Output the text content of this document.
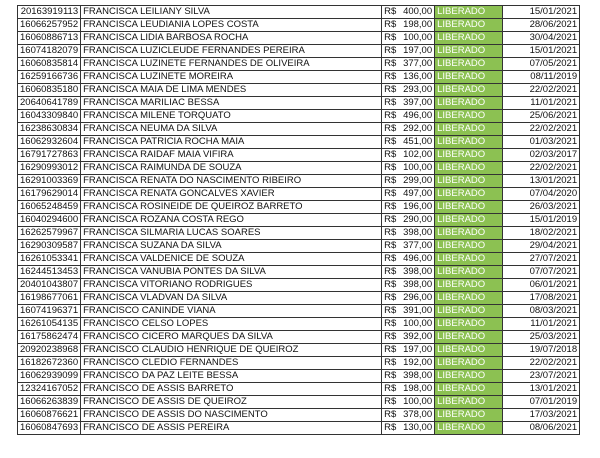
20163919113	FRANCISCA LEILIANY SILVA	R$	400,00	LIBERADO	15/01/2021
16066257952	FRANCISCA LEUDIANIA LOPES COSTA	R$	198,00	LIBERADO	28/06/2021
16060886713	FRANCISCA LIDIA BARBOSA ROCHA	R$	100,00	LIBERADO	30/04/2021
16074182079	FRANCISCA LUZICLEUDE FERNANDES PEREIRA	R$	197,00	LIBERADO	15/01/2021
16060835814	FRANCISCA LUZINETE FERNANDES DE OLIVEIRA	R$	377,00	LIBERADO	07/05/2021
16259166736	FRANCISCA LUZINETE MOREIRA	R$	136,00	LIBERADO	08/11/2019
16060835180	FRANCISCA MAIA DE LIMA MENDES	R$	293,00	LIBERADO	22/02/2021
20640641789	FRANCISCA MARILIAC BESSA	R$	397,00	LIBERADO	11/01/2021
16043309840	FRANCISCA MILENE TORQUATO	R$	496,00	LIBERADO	25/06/2021
16238630834	FRANCISCA NEUMA DA SILVA	R$	292,00	LIBERADO	22/02/2021
16062932604	FRANCISCA PATRICIA ROCHA MAIA	R$	451,00	LIBERADO	01/03/2021
16791727863	FRANCISCA RAIDAF MAIA VIFIRA	R$	102,00	LIBERADO	02/03/2017
16290993012	FRANCISCA RAIMUNDA DE SOUZA	R$	100,00	LIBERADO	22/02/2021
16291003369	FRANCISCA RENATA DO NASCIMENTO RIBEIRO	R$	299,00	LIBERADO	13/01/2021
16179629014	FRANCISCA RENATA GONCALVES XAVIER	R$	497,00	LIBERADO	07/04/2020
16065248459	FRANCISCA ROSINEIDE DE QUEIROZ BARRETO	R$	196,00	LIBERADO	26/03/2021
16040294600	FRANCISCA ROZANA COSTA REGO	R$	290,00	LIBERADO	15/01/2019
16262579967	FRANCISCA SILMARIA LUCAS SOARES	R$	398,00	LIBERADO	18/02/2021
16290309587	FRANCISCA SUZANA DA SILVA	R$	377,00	LIBERADO	29/04/2021
16261053341	FRANCISCA VALDENICE DE SOUZA	R$	496,00	LIBERADO	27/07/2021
16244513453	FRANCISCA VANUBIA PONTES DA SILVA	R$	398,00	LIBERADO	07/07/2021
20401043807	FRANCISCA VITORIANO RODRIGUES	R$	398,00	LIBERADO	06/01/2021
16198677061	FRANCISCA VLADVAN DA SILVA	R$	296,00	LIBERADO	17/08/2021
16074196371	FRANCISCO CANINDE VIANA	R$	391,00	LIBERADO	08/03/2021
16261054135	FRANCISCO CELSO LOPES	R$	100,00	LIBERADO	11/01/2021
16175862474	FRANCISCO CICERO MARQUES DA SILVA	R$	392,00	LIBERADO	25/03/2021
20920238968	FRANCISCO CLAUDIO HENRIQUE DE QUEIROZ	R$	197,00	LIBERADO	19/07/2018
16182672360	FRANCISCO CLEDIO FERNANDES	R$	192,00	LIBERADO	22/02/2021
16062939099	FRANCISCO DA PAZ LEITE BESSA	R$	398,00	LIBERADO	23/07/2021
12324167052	FRANCISCO DE ASSIS BARRETO	R$	198,00	LIBERADO	13/01/2021
16066263839	FRANCISCO DE ASSIS DE QUEIROZ	R$	100,00	LIBERADO	07/01/2019
16060876621	FRANCISCO DE ASSIS DO NASCIMENTO	R$	378,00	LIBERADO	17/03/2021
16060847693	FRANCISCO DE ASSIS PEREIRA	R$	130,00	LIBERADO	08/06/2021
